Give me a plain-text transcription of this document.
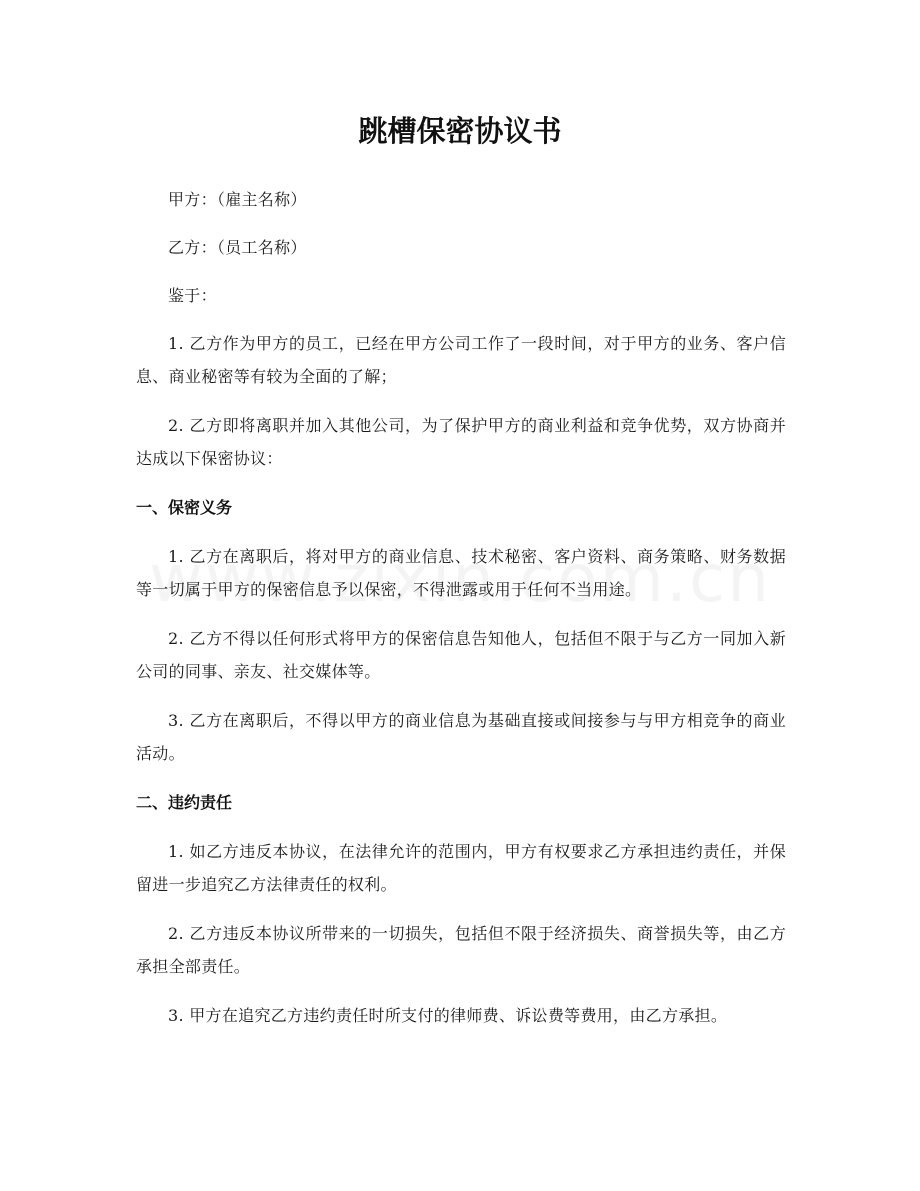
跳槽保密协议书

甲方：（雇主名称）

乙方：（员工名称）

鉴于：

1. 乙方作为甲方的员工，已经在甲方公司工作了一段时间，对于甲方的业务、客户信息、商业秘密等有较为全面的了解；

2. 乙方即将离职并加入其他公司，为了保护甲方的商业利益和竞争优势，双方协商并达成以下保密协议：

一、保密义务

1. 乙方在离职后，将对甲方的商业信息、技术秘密、客户资料、商务策略、财务数据等一切属于甲方的保密信息予以保密，不得泄露或用于任何不当用途。

2. 乙方不得以任何形式将甲方的保密信息告知他人，包括但不限于与乙方一同加入新公司的同事、亲友、社交媒体等。

3. 乙方在离职后，不得以甲方的商业信息为基础直接或间接参与与甲方相竞争的商业活动。

二、违约责任

1. 如乙方违反本协议，在法律允许的范围内，甲方有权要求乙方承担违约责任，并保留进一步追究乙方法律责任的权利。

2. 乙方违反本协议所带来的一切损失，包括但不限于经济损失、商誉损失等，由乙方承担全部责任。

3. 甲方在追究乙方违约责任时所支付的律师费、诉讼费等费用，由乙方承担。
